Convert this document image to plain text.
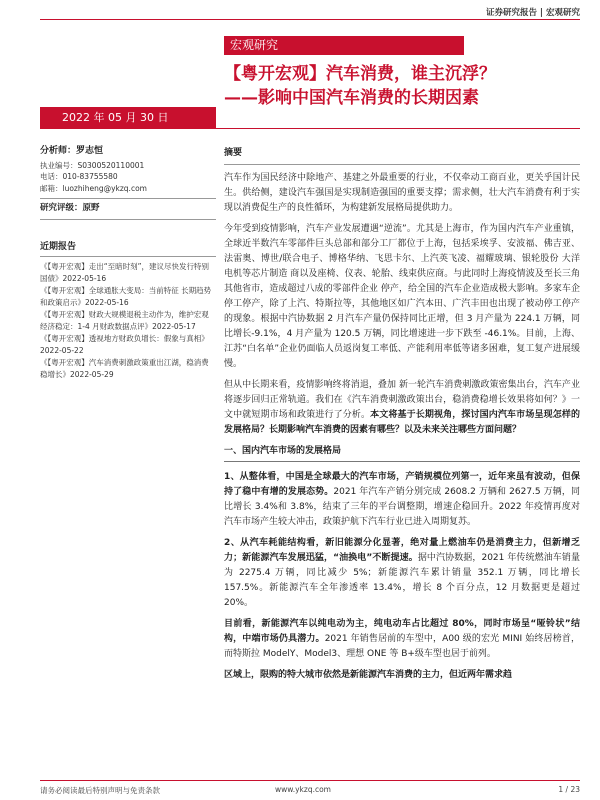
证券研究报告 | 宏观研究
宏观研究
【粤开宏观】汽车消费，谁主沉浮？
——影响中国汽车消费的长期因素
2022 年 05 月 30 日
分析师：罗志恒
执业编号：S0300520110001
电话：010-83755580
邮箱：luozhiheng@ykzq.com
研究评级：原野
近期报告
《【粤开宏观】走出“至暗时刻”，建议尽快发行特别国债》2022-05-16
《【粤开宏观】全球通胀大变局：当前特征 长期趋势和政策启示》2022-05-16
《【粤开宏观】财政大规模退税主动作为，维护宏观经济稳定：1-4 月财政数据点评》2022-05-17
《【粤开宏观】透视地方财政负增长：假象与真相》2022-05-22
《【粤开宏观】汽车消费刺激政策重出江湖，稳消费稳增长》2022-05-29
摘要

汽车作为国民经济中除地产、基建之外最重要的行业，不仅牵动工商百业，更关乎国计民生。供给侧，建设汽车强国是实现制造强国的重要支撑；需求侧，壮大汽车消费有利于实现以消费促生产的良性循环，为构建新发展格局提供助力。

今年受到疫情影响，汽车产业发展遭遇“逆流”。尤其是上海市，作为国内汽车产业重镇，全球近半数汽车零部件巨头总部和部分工厂都位于上海，包括采埃孚、安波福、佛吉亚、法雷奥、博世/联合电子、博格华纳、飞思卡尔、上汽英飞凌、福耀玻璃、银轮股份 大洋电机等芯片制造 商以及座椅、仪表、轮胎、线束供应商。与此同时上海疫情波及至长三角其他省市，造成超过八成的零部件企业 停产，给全国的汽车企业造成极大影响。多家车企停工停产，除了上汽、特斯拉等，其他地区如广汽本田、广汽丰田也出现了被动停工停产的现象。根据中汽协数据 2 月汽车产量仍保持同比正增，但 3 月产量为 224.1 万辆，同比增长-9.1%，4 月产量为 120.5 万辆，同比增速进一步下跌至 -46.1%。目前，上海、江苏“白名单”企业仍面临人员返岗复工率低、产能利用率低等诸多困难，复工复产进展缓慢。

但从中长期来看，疫情影响终将消退，叠加 新一轮汽车消费刺激政策密集出台，汽车产业将逐步回归正常轨道。我们在《汽车消费刺激政策出台，稳消费稳增长效果将如何？》一文中就短期市场和政策进行了分析。本文将基于长期视角，探讨国内汽车市场呈现怎样的发展格局？长期影响汽车消费的因素有哪些？以及未来关注哪些方面问题？

一、国内汽车市场的发展格局

1、从整体看，中国是全球最大的汽车市场，产销规模位列第一，近年来虽有波动，但保持了稳中有增的发展态势。2021 年汽车产销分别完成 2608.2 万辆和 2627.5 万辆，同比增长 3.4%和 3.8%，结束了三年的平台调整期，增速企稳回升。2022 年疫情再度对汽车市场产生较大冲击，政策护航下汽车行业已进入周期复苏。

2、从汽车耗能结构看，新旧能源分化显著，绝对量上燃油车仍是消费主力，但新增乏力；新能源汽车发展迅猛，“油换电”不断提速。据中汽协数据，2021 年传统燃油车销量为 2275.4 万辆，同比减少 5%；新能源汽车累计销量 352.1 万辆，同比增长 157.5%。新能源汽车全年渗透率 13.4%，增长 8 个百分点，12 月数据更是超过 20%。

目前看，新能源汽车以纯电动为主，纯电动车占比超过 80%，同时市场呈“哑铃状”结构，中端市场仍具潜力。2021 年销售居前的车型中，A00 级的宏光 MINI 始终居榜首，而特斯拉 ModelY、Model3、理想 ONE 等 B+级车型也居于前列。

区域上，限购的特大城市依然是新能源汽车消费的主力，但近两年需求趋

请务必阅读最后特别声明与免责条款	www.ykzq.com	1 / 23
